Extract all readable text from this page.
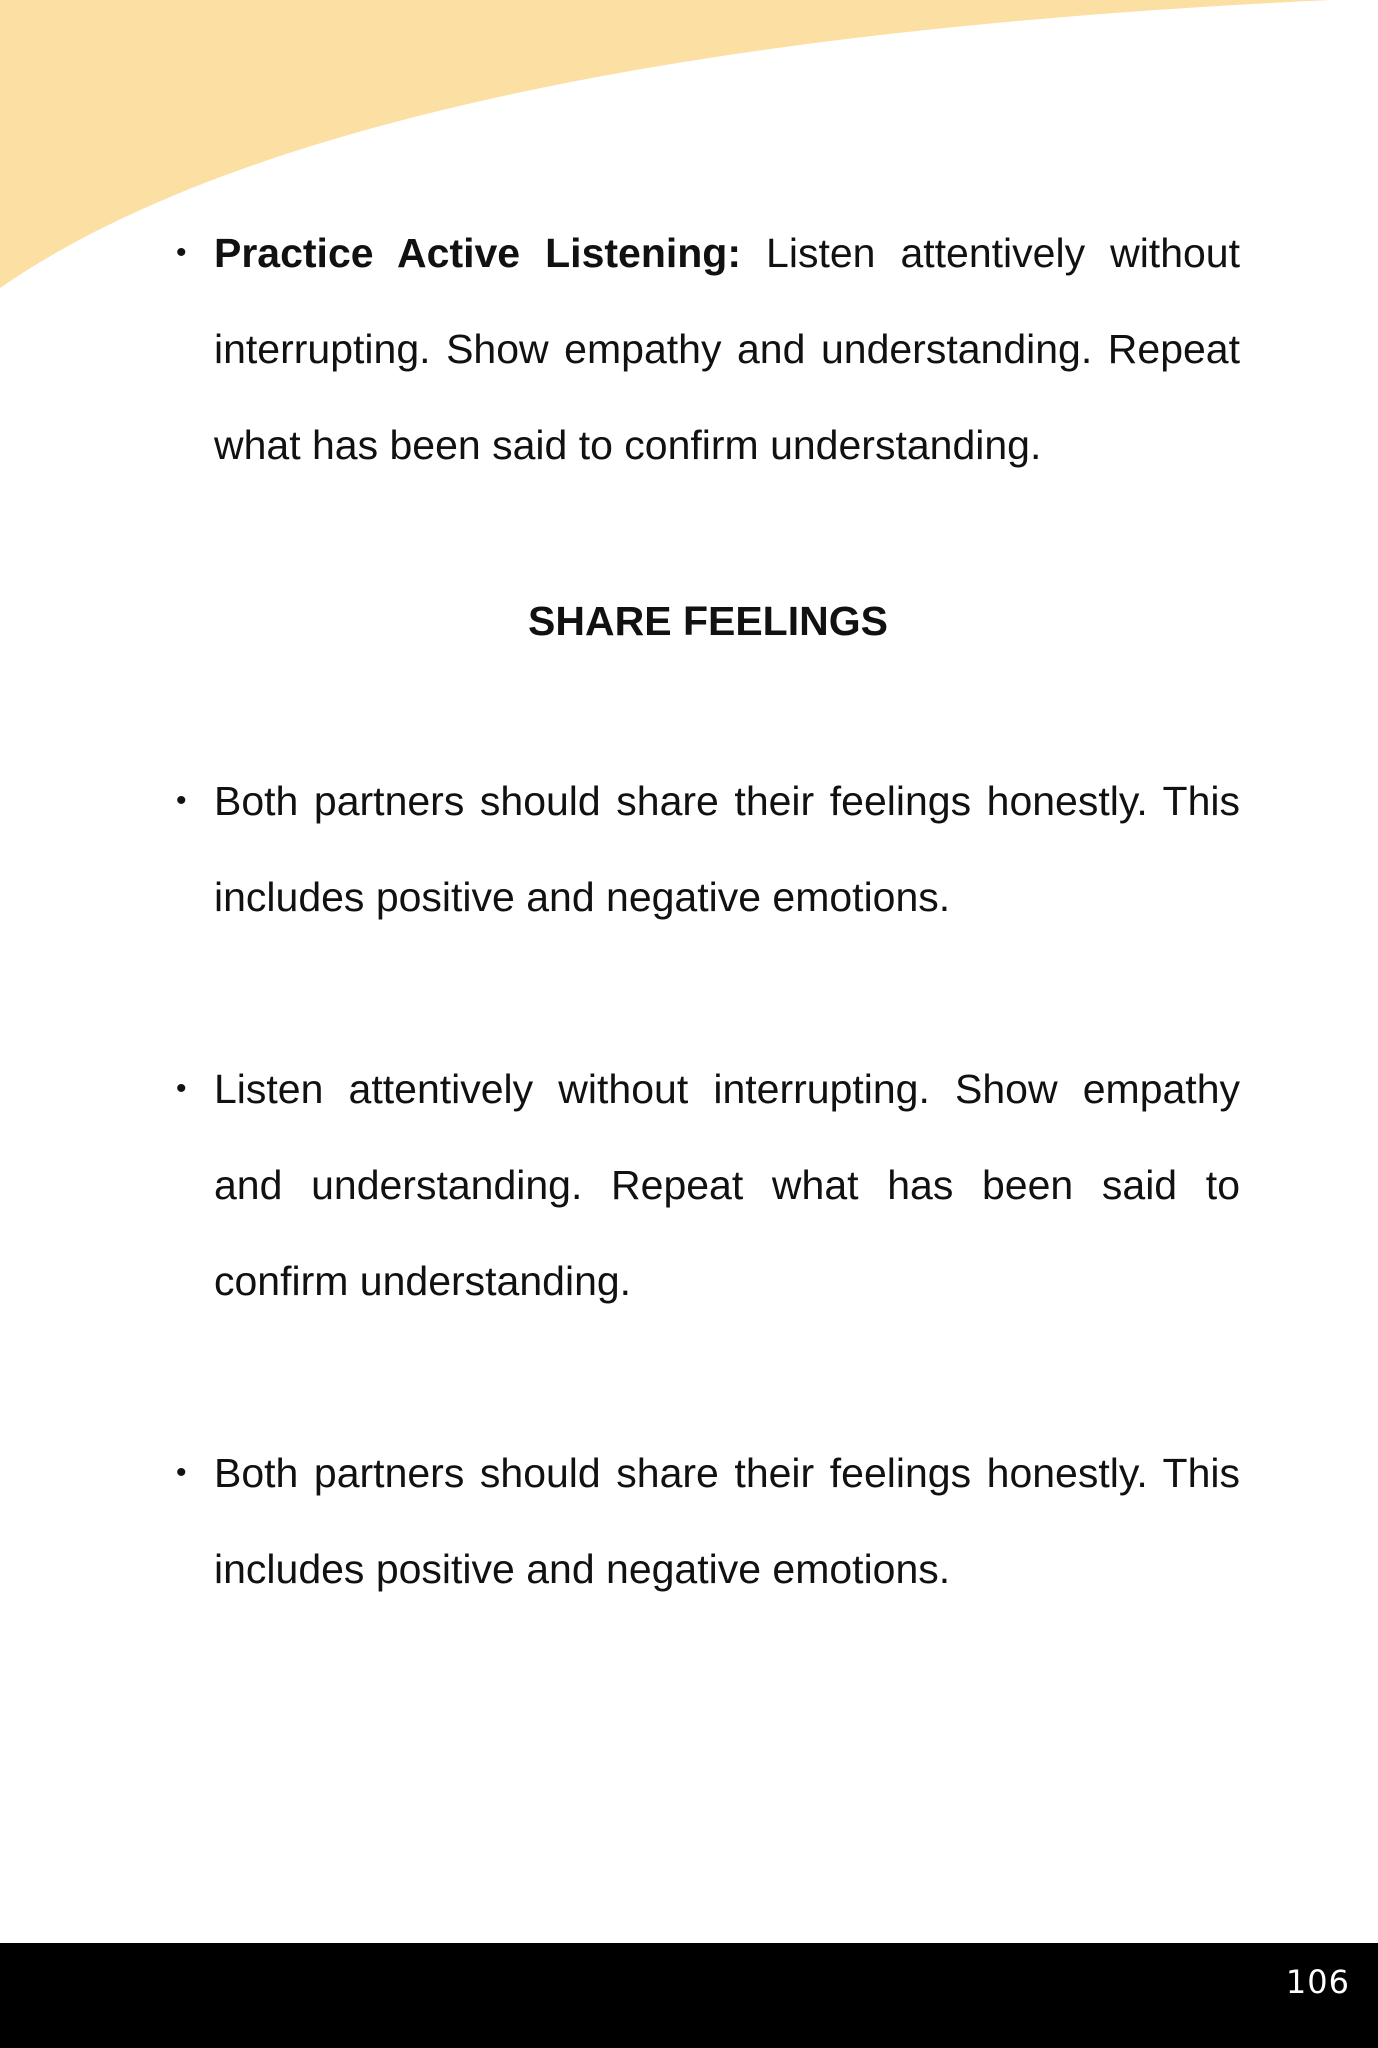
• Practice Active Listening: Listen attentively without interrupting. Show empathy and understanding. Repeat what has been said to confirm understanding.
SHARE FEELINGS
• Both partners should share their feelings honestly. This includes positive and negative emotions.
• Listen attentively without interrupting. Show empathy and understanding. Repeat what has been said to confirm understanding.
• Both partners should share their feelings honestly. This includes positive and negative emotions.
106
